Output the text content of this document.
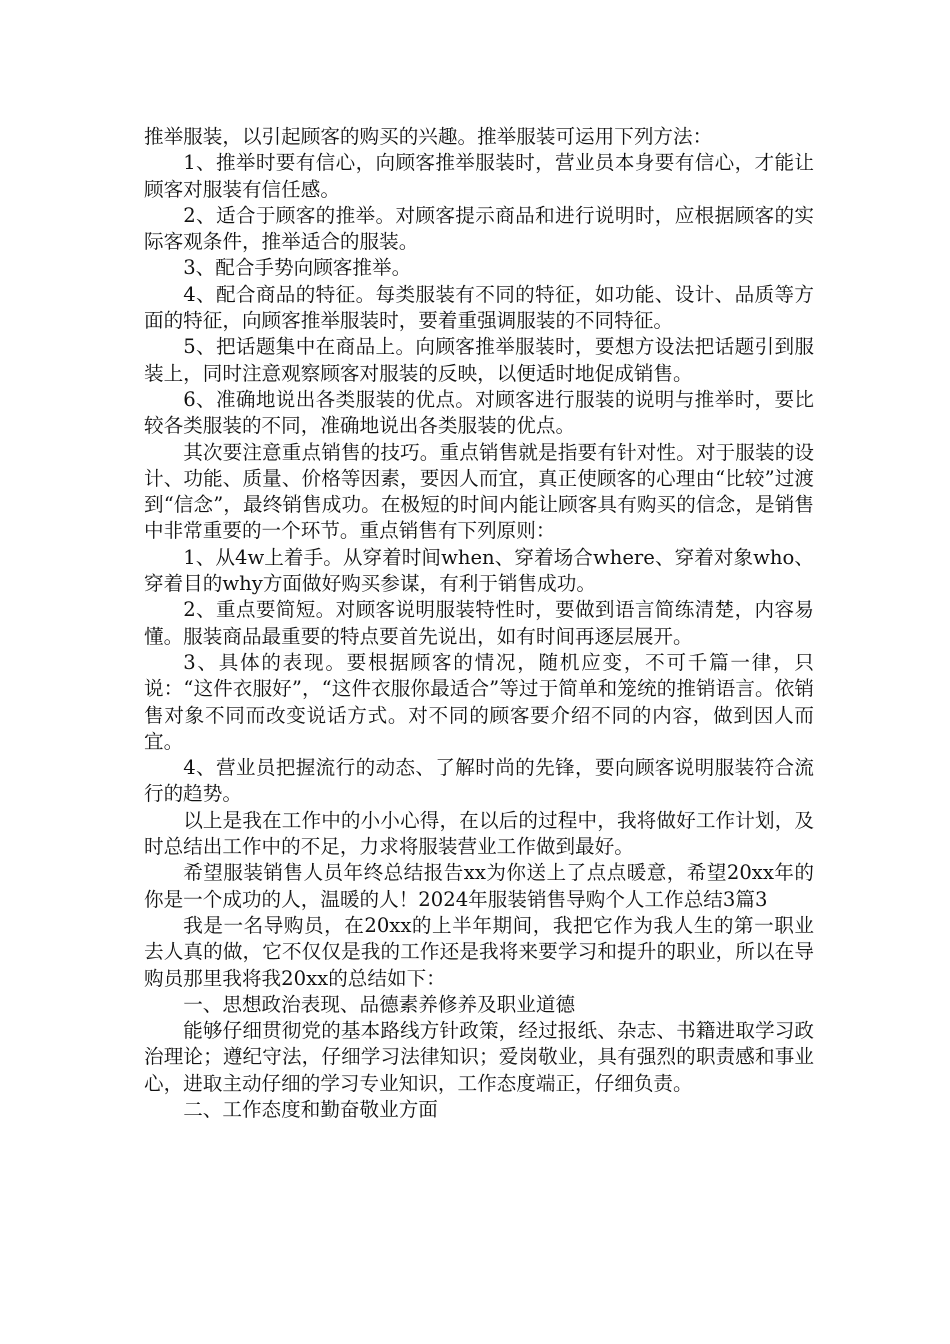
推举服装，以引起顾客的购买的兴趣。推举服装可运用下列方法：

1、推举时要有信心，向顾客推举服装时，营业员本身要有信心，才能让顾客对服装有信任感。

2、适合于顾客的推举。对顾客提示商品和进行说明时，应根据顾客的实际客观条件，推举适合的服装。

3、配合手势向顾客推举。

4、配合商品的特征。每类服装有不同的特征，如功能、设计、品质等方面的特征，向顾客推举服装时，要着重强调服装的不同特征。

5、把话题集中在商品上。向顾客推举服装时，要想方设法把话题引到服装上，同时注意观察顾客对服装的反映，以便适时地促成销售。

6、准确地说出各类服装的优点。对顾客进行服装的说明与推举时，要比较各类服装的不同，准确地说出各类服装的优点。

其次要注意重点销售的技巧。重点销售就是指要有针对性。对于服装的设计、功能、质量、价格等因素，要因人而宜，真正使顾客的心理由“比较”过渡到“信念”，最终销售成功。在极短的时间内能让顾客具有购买的信念，是销售中非常重要的一个环节。重点销售有下列原则：

1、从4w上着手。从穿着时间when、穿着场合where、穿着对象who、穿着目的why方面做好购买参谋，有利于销售成功。

2、重点要简短。对顾客说明服装特性时，要做到语言简练清楚，内容易懂。服装商品最重要的特点要首先说出，如有时间再逐层展开。

3、具体的表现。要根据顾客的情况，随机应变，不可千篇一律，只说：“这件衣服好”，“这件衣服你最适合”等过于简单和笼统的推销语言。依销售对象不同而改变说话方式。对不同的顾客要介绍不同的内容，做到因人而宜。

4、营业员把握流行的动态、了解时尚的先锋，要向顾客说明服装符合流行的趋势。

以上是我在工作中的小小心得，在以后的过程中，我将做好工作计划，及时总结出工作中的不足，力求将服装营业工作做到最好。

希望服装销售人员年终总结报告xx为你送上了点点暖意，希望20xx年的你是一个成功的人，温暖的人！2024年服装销售导购个人工作总结3篇3

我是一名导购员，在20xx的上半年期间，我把它作为我人生的第一职业去人真的做，它不仅仅是我的工作还是我将来要学习和提升的职业，所以在导购员那里我将我20xx的总结如下：

一、思想政治表现、品德素养修养及职业道德

能够仔细贯彻党的基本路线方针政策，经过报纸、杂志、书籍进取学习政治理论；遵纪守法，仔细学习法律知识；爱岗敬业，具有强烈的职责感和事业心，进取主动仔细的学习专业知识，工作态度端正，仔细负责。

二、工作态度和勤奋敬业方面
